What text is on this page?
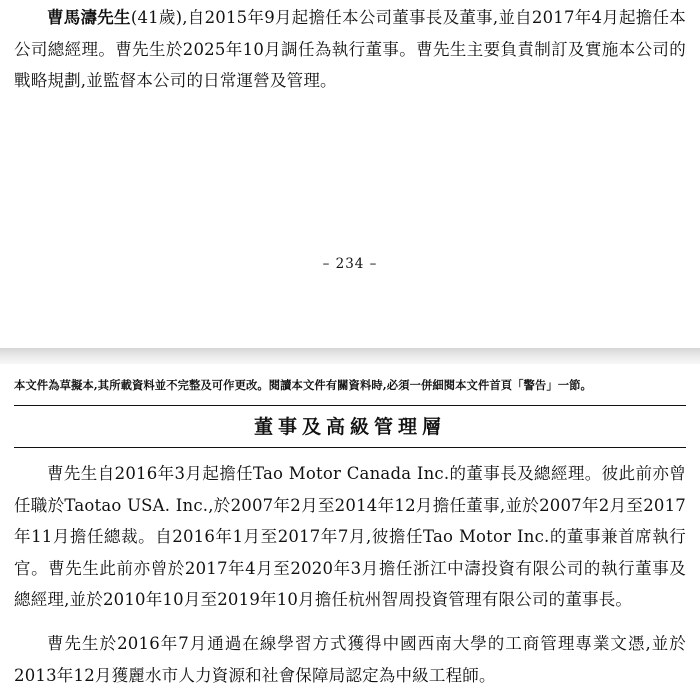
曹馬濤先生(41歲),自2015年9月起擔任本公司董事長及董事,並自2017年4月起擔任本公司總經理。曹先生於2025年10月調任為執行董事。曹先生主要負責制訂及實施本公司的戰略規劃,並監督本公司的日常運營及管理。

– 234 –
本文件為草擬本,其所載資料並不完整及可作更改。閱讀本文件有關資料時,必須一併細閱本文件首頁「警告」一節。
董事及高級管理層

曹先生自2016年3月起擔任Tao Motor Canada Inc.的董事長及總經理。彼此前亦曾任職於Taotao USA. Inc.,於2007年2月至2014年12月擔任董事,並於2007年2月至2017年11月擔任總裁。自2016年1月至2017年7月,彼擔任Tao Motor Inc.的董事兼首席執行官。曹先生此前亦曾於2017年4月至2020年3月擔任浙江中濤投資有限公司的執行董事及總經理,並於2010年10月至2019年10月擔任杭州智周投資管理有限公司的董事長。

曹先生於2016年7月通過在線學習方式獲得中國西南大學的工商管理專業文憑,並於2013年12月獲麗水市人力資源和社會保障局認定為中級工程師。
